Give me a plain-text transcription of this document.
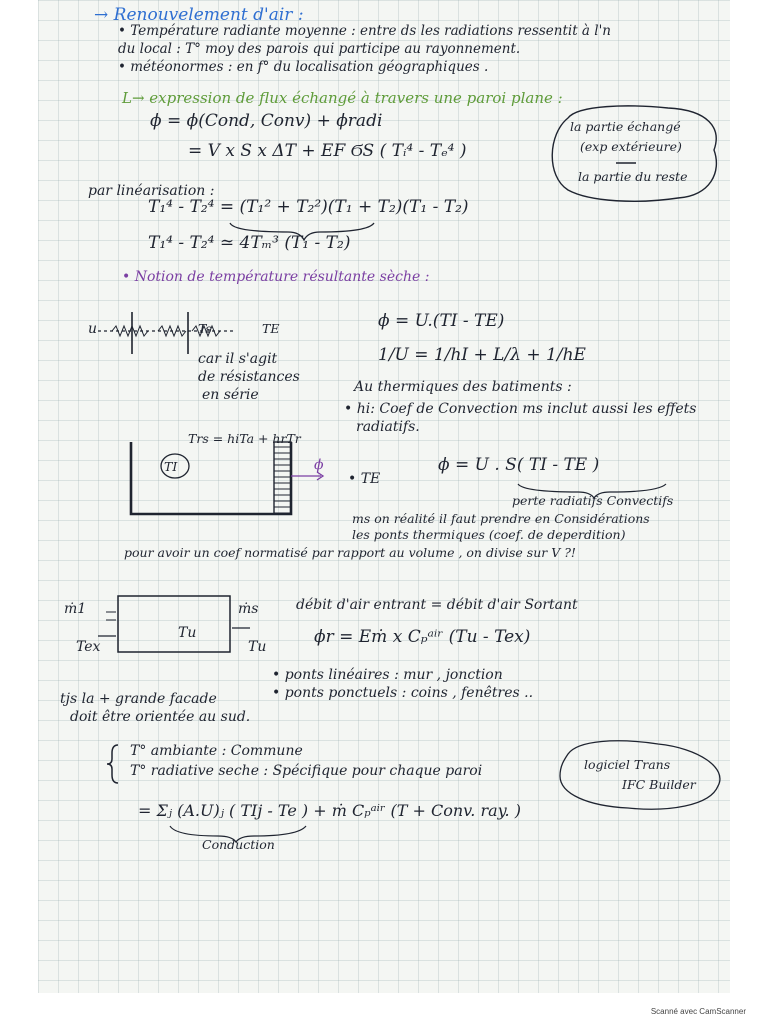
→ Renouvelement d'air :

• Température radiante moyenne : entre ds les radiations ressentit à l'n

du local : T° moy des parois qui participe au rayonnement.

• météonormes : en f° du localisation géographiques .

L→ expression de flux échangé à travers une paroi plane :

ϕ = ϕ(Cond, Conv) + ϕradi

= V x S x ΔT + EF ϬS ( Tᵢ⁴ - Tₑ⁴ )

la partie échangé

(exp extérieure)

la partie du reste

par linéarisation :

T₁⁴ - T₂⁴ = (T₁² + T₂²)(T₁ + T₂)(T₁ - T₂)

T₁⁴ - T₂⁴ ≃ 4Tₘ³ (T₁ - T₂)

• Notion de température résultante sèche :

u	Ts	TE

car il s'agit

de résistances

en série

ϕ = U.(TI - TE)

1/U = 1/hI + L/λ + 1/hE

Au thermiques des batiments :

• hi: Coef de Convection ms inclut aussi les effets

radiatifs.

Trs = hiTa + hrTr

TI	ϕ

• TE

ϕ = U . S( TI - TE )

perte radiatifs Convectifs

ms on réalité il faut prendre en Considérations

les ponts thermiques (coef. de deperdition)

pour avoir un coef normatisé par rapport au volume , on divise sur V ?!

ṁ1	ṁs

Tu

Tex	Tu

débit d'air entrant = débit d'air Sortant

ϕr = Eṁ x Cₚᵃⁱʳ (Tu - Tex)

• ponts linéaires : mur , jonction

• ponts ponctuels : coins , fenêtres ..

tjs la + grande facade

doit être orientée au sud.

T° ambiante : Commune

T° radiative seche : Spécifique pour chaque paroi

= Σⱼ (A.U)ⱼ ( TIj - Te ) + ṁ Cₚᵃⁱʳ (T + Conv. ray. )

Conduction

logiciel Trans

IFC Builder

Scanné avec CamScanner
